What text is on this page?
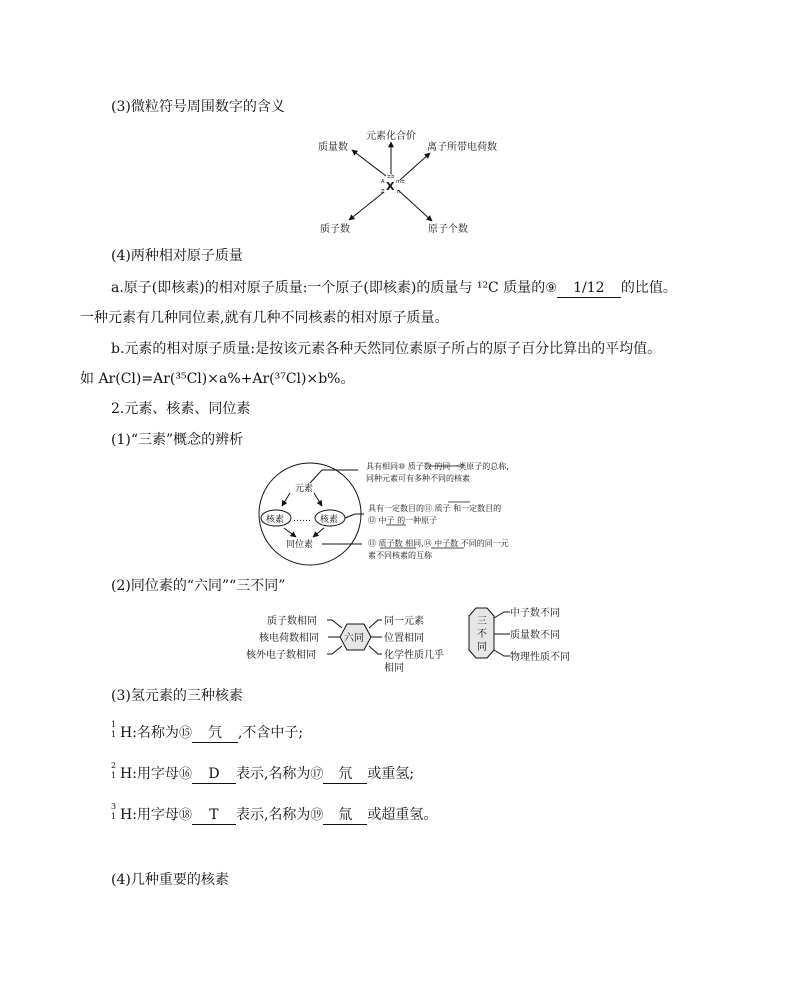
(3)微粒符号周围数字的含义
元素化合价
质量数	离子所带电荷数
质子数	原子个数
X
A
Z
±b
m±
n
(4)两种相对原子质量
a.原子(即核素)的相对原子质量:一个原子(即核素)的质量与 ¹²C 质量的⑨ 1/12 的比值。
一种元素有几种同位素,就有几种不同核素的相对原子质量。
b.元素的相对原子质量:是按该元素各种天然同位素原子所占的原子百分比算出的平均值。
如 Ar(Cl)=Ar(³⁵Cl)×a%+Ar(³⁷Cl)×b%。
2.元素、核素、同位素
(1)“三素”概念的辨析
元素
核素 …… 核素
同位素
具有相同⑩ 质子数 的同一类原子的总称,
同种元素可有多种不同的核素
具有一定数目的⑪ 质子 和一定数目的
⑫ 中子 的一种原子
⑬ 质子数 相同,⑭ 中子数 不同的同一元
素不同核素的互称
(2)同位素的“六同”“三不同”
质子数相同
核电荷数相同
核外电子数相同
六同
同一元素
位置相同
化学性质几乎
相同
三
不
同
中子数不同
质量数不同
物理性质不同
(3)氢元素的三种核素
1
1 H:名称为⑮ 氕 ,不含中子;
2
1 H:用字母⑯ D 表示,名称为⑰ 氘 或重氢;
3
1 H:用字母⑱ T 表示,名称为⑲ 氚 或超重氢。
(4)几种重要的核素
